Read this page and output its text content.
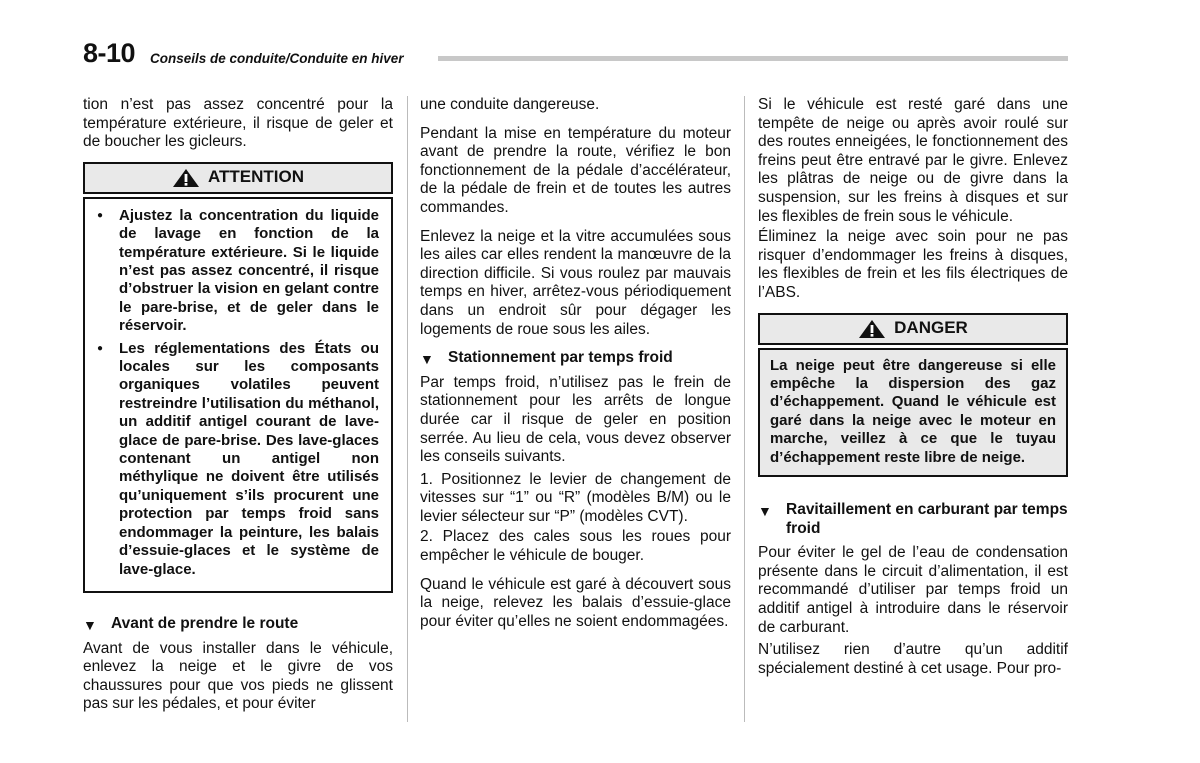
8-10 Conseils de conduite/Conduite en hiver

tion n’est pas assez concentré pour la température extérieure, il risque de geler et de boucher les gicleurs.

ATTENTION
● Ajustez la concentration du liquide de lavage en fonction de la température extérieure. Si le liquide n’est pas assez concentré, il risque d’obstruer la vision en gelant contre le pare-brise, et de geler dans le réservoir.
● Les réglementations des États ou locales sur les composants organiques volatiles peuvent restreindre l’utilisation du méthanol, un additif antigel courant de lave-glace de pare-brise. Des lave-glaces contenant un antigel non méthylique ne doivent être utilisés qu’uniquement s’ils procurent une protection par temps froid sans endommager la peinture, les balais d’essuie-glaces et le système de lave-glace.
▼ Avant de prendre le route

Avant de vous installer dans le véhicule, enlevez la neige et le givre de vos chaussures pour que vos pieds ne glissent pas sur les pédales, et pour éviter

une conduite dangereuse.

Pendant la mise en température du moteur avant de prendre la route, vérifiez le bon fonctionnement de la pédale d’accélérateur, de la pédale de frein et de toutes les autres commandes.

Enlevez la neige et la vitre accumulées sous les ailes car elles rendent la manœuvre de la direction difficile. Si vous roulez par mauvais temps en hiver, arrêtez-vous périodiquement dans un endroit sûr pour dégager les logements de roue sous les ailes.

▼ Stationnement par temps froid

Par temps froid, n’utilisez pas le frein de stationnement pour les arrêts de longue durée car il risque de geler en position serrée. Au lieu de cela, vous devez observer les conseils suivants.

1. Positionnez le levier de changement de vitesses sur “1” ou “R” (modèles B/M) ou le levier sélecteur sur “P” (modèles CVT).

2. Placez des cales sous les roues pour empêcher le véhicule de bouger.

Quand le véhicule est garé à découvert sous la neige, relevez les balais d’essuie-glace pour éviter qu’elles ne soient endommagées.

Si le véhicule est resté garé dans une tempête de neige ou après avoir roulé sur des routes enneigées, le fonctionnement des freins peut être entravé par le givre. Enlevez les plâtras de neige ou de givre dans la suspension, sur les freins à disques et sur les flexibles de frein sous le véhicule.

Éliminez la neige avec soin pour ne pas risquer d’endommager les freins à disques, les flexibles de frein et les fils électriques de l’ABS.

DANGER
La neige peut être dangereuse si elle empêche la dispersion des gaz d’échappement. Quand le véhicule est garé dans la neige avec le moteur en marche, veillez à ce que le tuyau d’échappement reste libre de neige.
▼ Ravitaillement en carburant par temps froid

Pour éviter le gel de l’eau de condensation présente dans le circuit d’alimentation, il est recommandé d’utiliser par temps froid un additif antigel à introduire dans le réservoir de carburant.

N’utilisez rien d’autre qu’un additif spécialement destiné à cet usage. Pour pro-
